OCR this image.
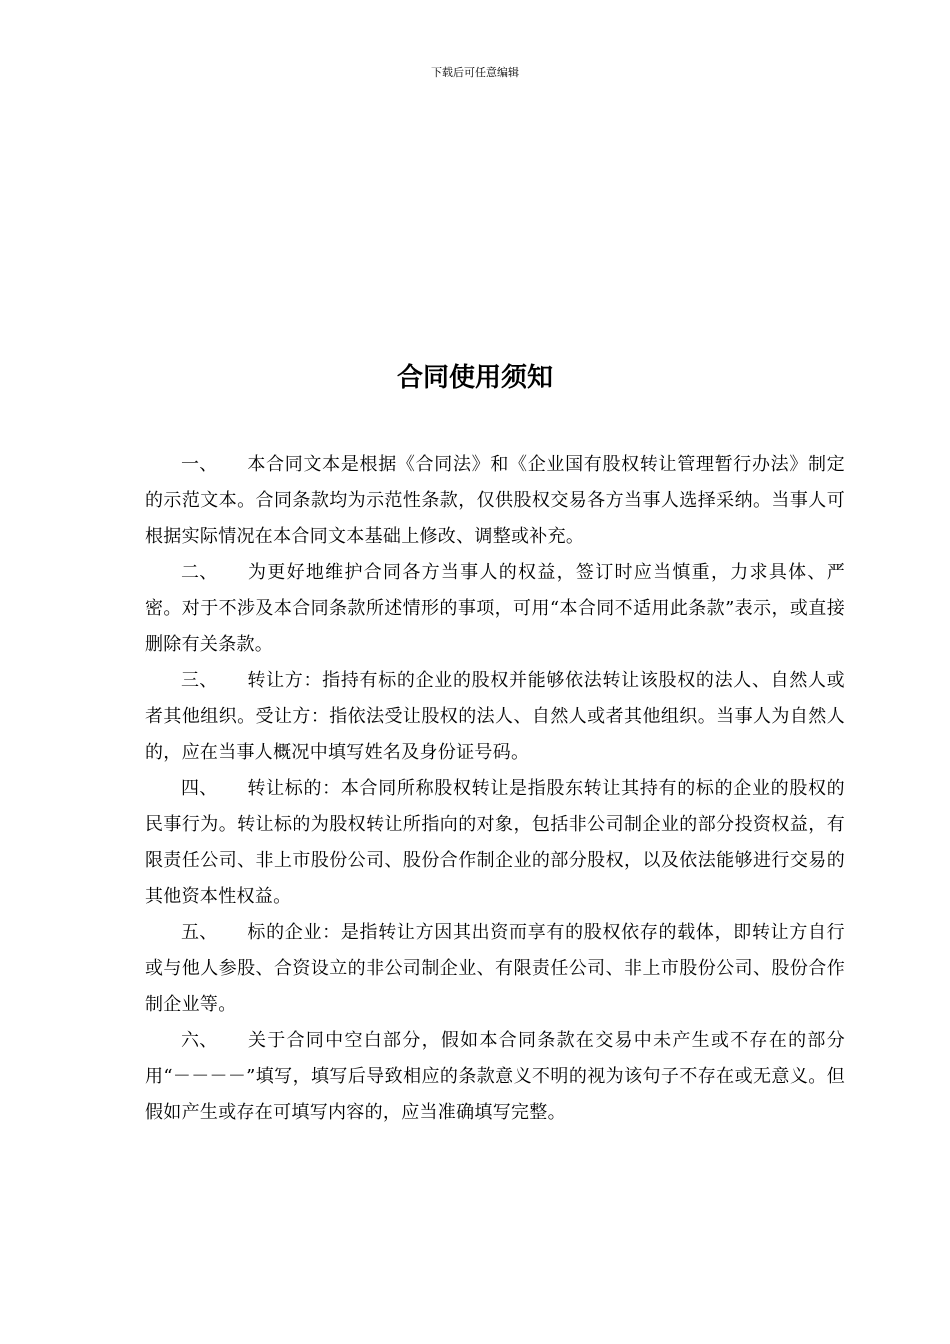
下载后可任意编辑
合同使用须知

一、 本合同文本是根据《合同法》和《企业国有股权转让管理暂行办法》制定的示范文本。合同条款均为示范性条款，仅供股权交易各方当事人选择采纳。当事人可根据实际情况在本合同文本基础上修改、调整或补充。

二、 为更好地维护合同各方当事人的权益，签订时应当慎重，力求具体、严密。对于不涉及本合同条款所述情形的事项，可用“本合同不适用此条款”表示，或直接删除有关条款。

三、 转让方：指持有标的企业的股权并能够依法转让该股权的法人、自然人或者其他组织。受让方：指依法受让股权的法人、自然人或者其他组织。当事人为自然人的，应在当事人概况中填写姓名及身份证号码。

四、 转让标的：本合同所称股权转让是指股东转让其持有的标的企业的股权的民事行为。转让标的为股权转让所指向的对象，包括非公司制企业的部分投资权益，有限责任公司、非上市股份公司、股份合作制企业的部分股权，以及依法能够进行交易的其他资本性权益。

五、 标的企业：是指转让方因其出资而享有的股权依存的载体，即转让方自行或与他人参股、合资设立的非公司制企业、有限责任公司、非上市股份公司、股份合作制企业等。

六、 关于合同中空白部分，假如本合同条款在交易中未产生或不存在的部分用“－－－－”填写，填写后导致相应的条款意义不明的视为该句子不存在或无意义。但假如产生或存在可填写内容的，应当准确填写完整。
